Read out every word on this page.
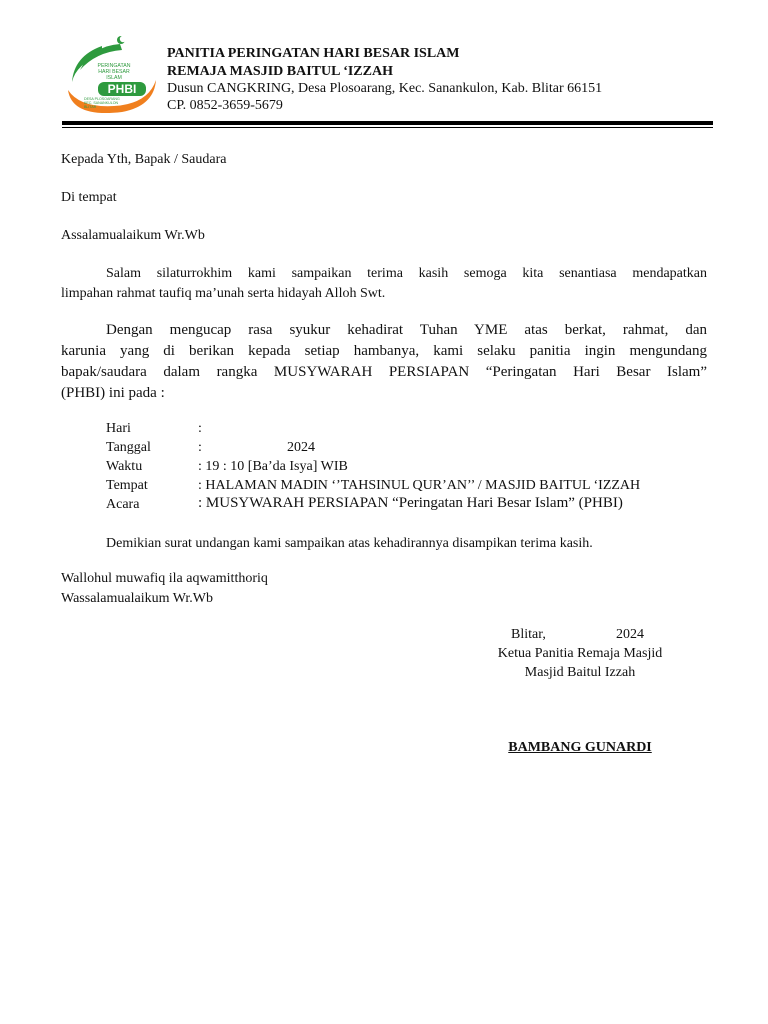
PERINGATAN
HARI BESAR
ISLAM
PHBI
DESA PLOSOARANG
KEC. SANANKULON
BLITAR
PANITIA PERINGATAN HARI BESAR ISLAM
REMAJA MASJID BAITUL ‘IZZAH
Dusun CANGKRING, Desa Plosoarang, Kec. Sanankulon, Kab. Blitar 66151
CP. 0852-3659-5679
Kepada Yth, Bapak / Saudara
Di tempat
Assalamualaikum Wr.Wb
Salam silaturrokhim kami sampaikan terima kasih semoga kita senantiasa mendapatkan
limpahan rahmat taufiq ma’unah serta hidayah Alloh Swt.
Dengan mengucap rasa syukur kehadirat Tuhan YME atas berkat, rahmat, dan
karunia yang di berikan kepada setiap hambanya, kami selaku panitia ingin mengundang
bapak/saudara dalam rangka MUSYWARAH PERSIAPAN “Peringatan Hari Besar Islam”
(PHBI) ini pada :
Hari	:
Tanggal	:	2024
Waktu	: 19 : 10 [Ba’da Isya] WIB
Tempat	: HALAMAN MADIN ‘’TAHSINUL QUR’AN’’ / MASJID BAITUL ‘IZZAH
Acara	: MUSYWARAH PERSIAPAN “Peringatan Hari Besar Islam” (PHBI)
Demikian surat undangan kami sampaikan atas kehadirannya disampikan terima kasih.
Wallohul muwafiq ila aqwamitthoriq
Wassalamualaikum Wr.Wb
Blitar,	2024
Ketua Panitia Remaja Masjid
Masjid Baitul Izzah
BAMBANG GUNARDI
